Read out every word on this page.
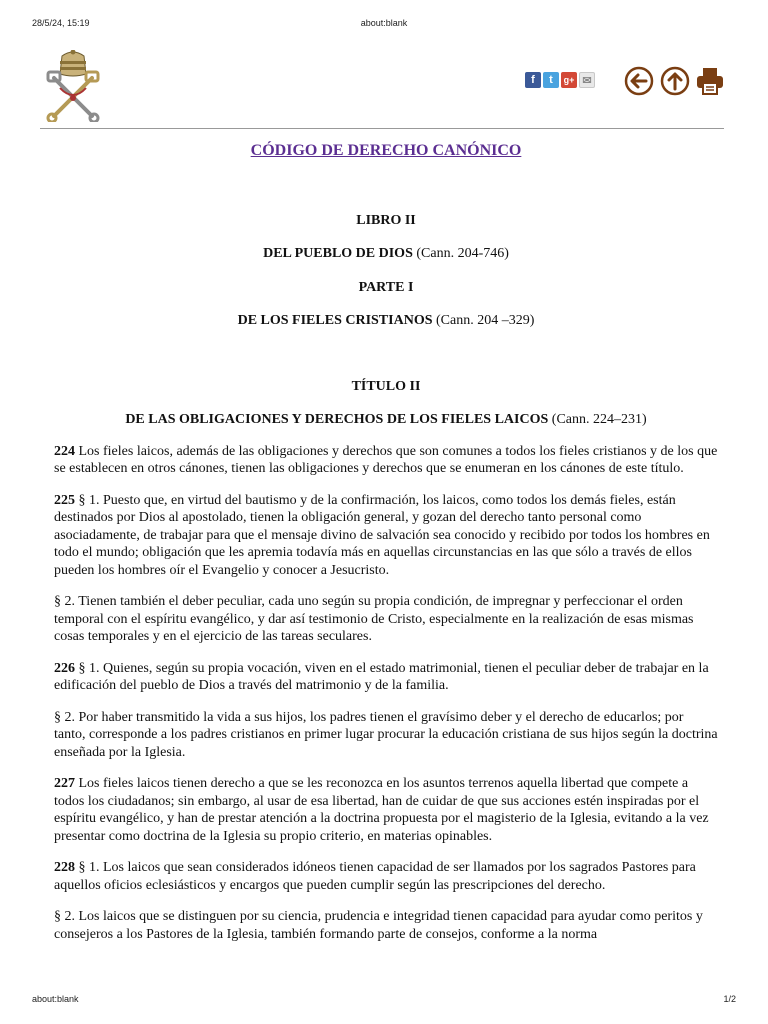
28/5/24, 15:19	about:blank
f	t	g+ ✉
CÓDIGO DE DERECHO CANÓNICO

LIBRO II

DEL PUEBLO DE DIOS (Cann. 204-746)

PARTE I

DE LOS FIELES CRISTIANOS (Cann. 204 –329)

TÍTULO II

DE LAS OBLIGACIONES Y DERECHOS DE LOS FIELES LAICOS (Cann. 224–231)

224 Los fieles laicos, además de las obligaciones y derechos que son comunes a todos los fieles cristianos y de los que se establecen en otros cánones, tienen las obligaciones y derechos que se enumeran en los cánones de este título.

225 § 1. Puesto que, en virtud del bautismo y de la confirmación, los laicos, como todos los demás fieles, están destinados por Dios al apostolado, tienen la obligación general, y gozan del derecho tanto personal como asociadamente, de trabajar para que el mensaje divino de salvación sea conocido y recibido por todos los hombres en todo el mundo; obligación que les apremia todavía más en aquellas circunstancias en las que sólo a través de ellos pueden los hombres oír el Evangelio y conocer a Jesucristo.

§ 2. Tienen también el deber peculiar, cada uno según su propia condición, de impregnar y perfeccionar el orden temporal con el espíritu evangélico, y dar así testimonio de Cristo, especialmente en la realización de esas mismas cosas temporales y en el ejercicio de las tareas seculares.

226 § 1. Quienes, según su propia vocación, viven en el estado matrimonial, tienen el peculiar deber de trabajar en la edificación del pueblo de Dios a través del matrimonio y de la familia.

§ 2. Por haber transmitido la vida a sus hijos, los padres tienen el gravísimo deber y el derecho de educarlos; por tanto, corresponde a los padres cristianos en primer lugar procurar la educación cristiana de sus hijos según la doctrina enseñada por la Iglesia.

227 Los fieles laicos tienen derecho a que se les reconozca en los asuntos terrenos aquella libertad que compete a todos los ciudadanos; sin embargo, al usar de esa libertad, han de cuidar de que sus acciones estén inspiradas por el espíritu evangélico, y han de prestar atención a la doctrina propuesta por el magisterio de la Iglesia, evitando a la vez presentar como doctrina de la Iglesia su propio criterio, en materias opinables.

228 § 1. Los laicos que sean considerados idóneos tienen capacidad de ser llamados por los sagrados Pastores para aquellos oficios eclesiásticos y encargos que pueden cumplir según las prescripciones del derecho.

§ 2. Los laicos que se distinguen por su ciencia, prudencia e integridad tienen capacidad para ayudar como peritos y consejeros a los Pastores de la Iglesia, también formando parte de consejos, conforme a la norma

about:blank	1/2
